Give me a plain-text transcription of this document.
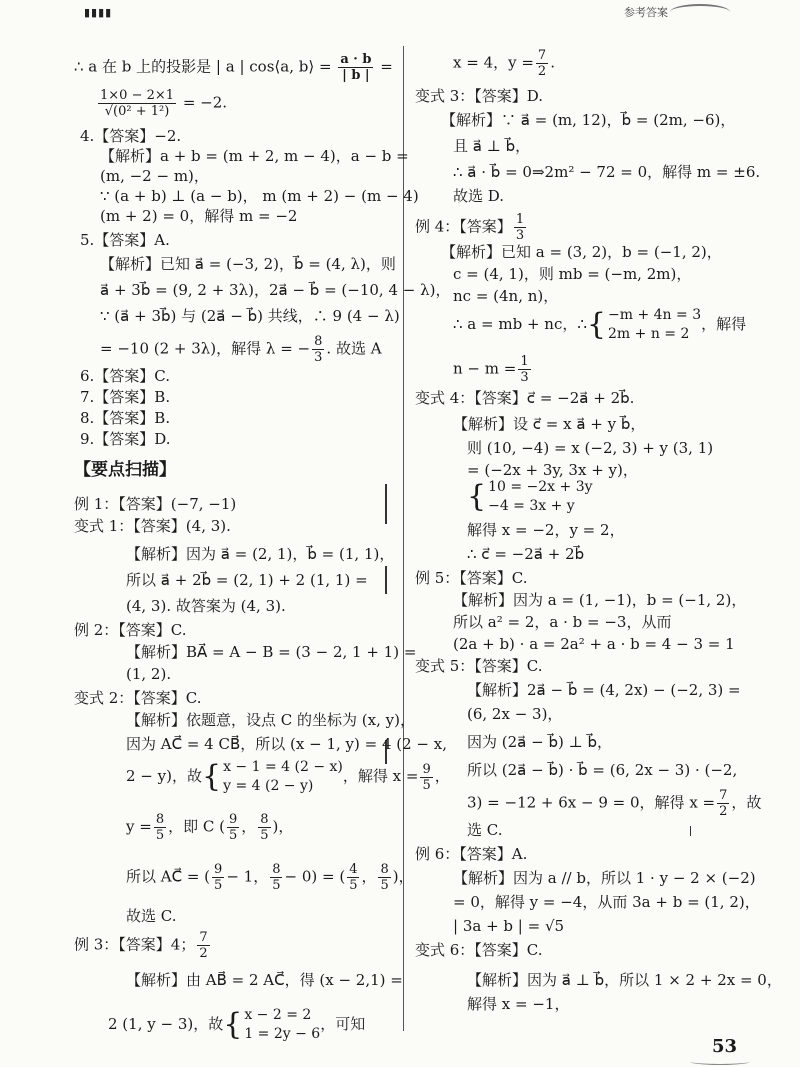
▮▮▮▮	参考答案
∴ a 在 b 上的投影是 | a | cos⟨a, b⟩ = $\frac{a \cdot b}{| b |}$ =
$\frac{1\times 0 - 2\times 1}{\text{√(0² + 1²)}} = -2$.
4.【答案】−2.
【解析】a + b = (m + 2, m − 4)，a − b =
(m, −2 − m)，
∵ (a + b) ⊥ (a − b)， m (m + 2) − (m − 4)
(m + 2) = 0，解得 m = −2
5.【答案】A.
【解析】已知 a⃗ = (−3, 2)，b⃗ = (4, λ)，则
a⃗ + 3b⃗ = (9, 2 + 3λ)，2a⃗ − b⃗ = (−10, 4 − λ)，
∵ (a⃗ + 3b⃗) 与 (2a⃗ − b⃗) 共线，∴ 9 (4 − λ)
= −10 (2 + 3λ)，解得 λ = − $\frac{8}{3}$ . 故选 A
6.【答案】C.
7.【答案】B.
8.【答案】B.
9.【答案】D.
【要点扫描】
例 1：【答案】(−7, −1)
变式 1：【答案】(4, 3).
【解析】因为 a⃗ = (2, 1)，b⃗ = (1, 1)，
所以 a⃗ + 2b⃗ = (2, 1) + 2 (1, 1) =
(4, 3). 故答案为 (4, 3).
例 2：【答案】C.
【解析】BA⃗ = A − B = (3 − 2, 1 + 1) =
(1, 2).
变式 2：【答案】C.
【解析】依题意，设点 C 的坐标为 (x, y)，
因为 AC⃗ = 4 CB⃗，所以 (x − 1, y) = 4 (2 − x,
2 − y)，故{ x − 1 = 4 (2 − x)
y = 4 (2 − y)
，解得 $x = \frac{9}{5}$ ，
$y = \frac{8}{5}$ ，即 C ( $\frac{9}{5}$ ， $\frac{8}{5}$ )，
所以 AC⃗ = ( $\frac{9}{5} - 1$， $\frac{8}{5} - 0$) = ( $\frac{4}{5}$ ， $\frac{8}{5}$ )，
故选 C.
例 3：【答案】4； $\frac{7}{2}$
【解析】由 AB⃗ = 2 AC⃗，得 (x − 2,1) =
2 (1, y − 3)，故{ x − 2 = 2
1 = 2y − 6
，可知
x = 4，$y = \frac{7}{2}$ .
变式 3：【答案】D.
【解析】∵ a⃗ = (m, 12)，b⃗ = (2m, −6)，
且 a⃗ ⊥ b⃗，
∴ a⃗ · b⃗ = 0⇒2m² − 72 = 0，解得 m = ±6.
故选 D.
例 4：【答案】 $\frac{1}{3}$
【解析】已知 a = (3, 2)，b = (−1, 2)，
c = (4, 1)，则 mb = (−m, 2m)，
nc = (4n, n)，
∴ a = mb + nc，∴{ −m + 4n = 3
2m + n = 2
，解得
$n - m = \frac{1}{3}$
变式 4：【答案】c⃗ = −2a⃗ + 2b⃗.
【解析】设 c⃗ = x a⃗ + y b⃗，
则 (10, −4) = x (−2, 3) + y (3, 1)
= (−2x + 3y, 3x + y)，
{ 10 = −2x + 3y
−4 = 3x + y
解得 x = −2，y = 2，
∴ c⃗ = −2a⃗ + 2b⃗
例 5：【答案】C.
【解析】因为 a = (1, −1)，b = (−1, 2)，
所以 a² = 2，a · b = −3，从而
(2a + b) · a = 2a² + a · b = 4 − 3 = 1
变式 5：【答案】C.
【解析】2a⃗ − b⃗ = (4, 2x) − (−2, 3) =
(6, 2x − 3)，
因为 (2a⃗ − b⃗) ⊥ b⃗，
所以 (2a⃗ − b⃗) · b⃗ = (6, 2x − 3) · (−2,
3) = −12 + 6x − 9 = 0，解得 $x = \frac{7}{2}$ ，故
选 C.
例 6：【答案】A.
【解析】因为 a // b，所以 1 · y − 2 × (−2)
= 0，解得 y = −4，从而 3a + b = (1, 2)，
| 3a + b | = √5
变式 6：【答案】C.
【解析】因为 a⃗ ⊥ b⃗，所以 1 × 2 + 2x = 0，
解得 x = −1，
53
